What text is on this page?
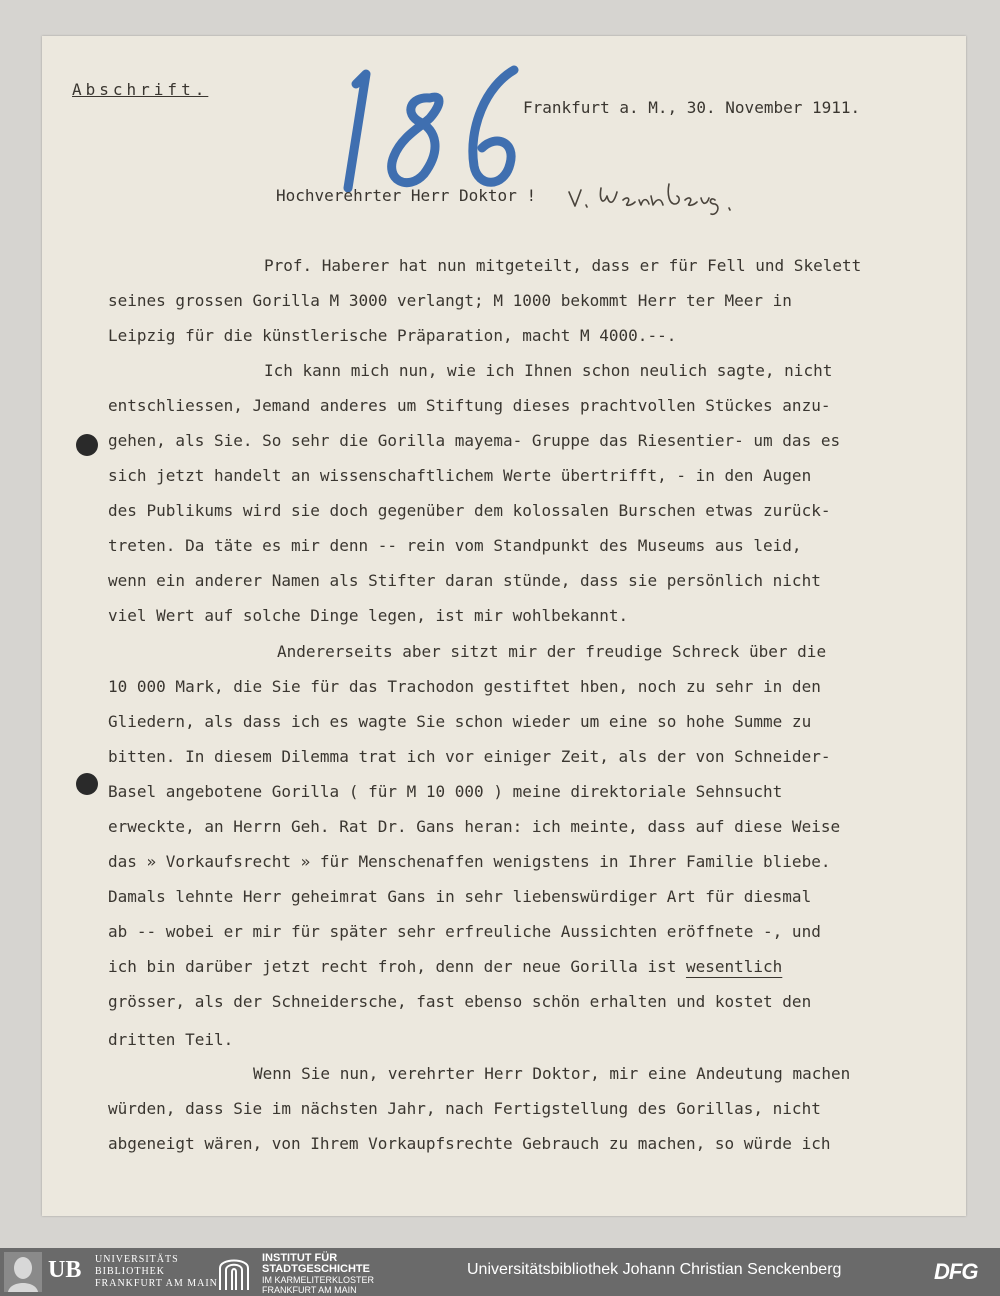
Abschrift.
Frankfurt a. M., 30. November 1911.
Hochverehrter Herr Doktor !
Prof. Haberer hat nun mitgeteilt, dass er für Fell und Skelett
seines grossen Gorilla M 3000 verlangt; M 1000 bekommt Herr ter Meer in
Leipzig für die künstlerische Präparation, macht M 4000.--.
Ich kann mich nun, wie ich Ihnen schon neulich sagte, nicht
entschliessen, Jemand anderes um Stiftung dieses prachtvollen Stückes anzu-
gehen, als Sie. So sehr die Gorilla mayema- Gruppe das Riesentier- um das es
sich jetzt handelt an wissenschaftlichem Werte übertrifft, - in den Augen
des Publikums wird sie doch gegenüber dem kolossalen Burschen etwas zurück-
treten. Da täte es mir denn -- rein vom Standpunkt des Museums aus leid,
wenn ein anderer Namen als Stifter daran stünde, dass sie persönlich nicht
viel Wert auf solche Dinge legen, ist mir wohlbekannt.
Andererseits aber sitzt mir der freudige Schreck über die
10 000 Mark, die Sie für das Trachodon gestiftet hben, noch zu sehr in den
Gliedern, als dass ich es wagte Sie schon wieder um eine so hohe Summe zu
bitten. In diesem Dilemma trat ich vor einiger Zeit, als der von Schneider-
Basel angebotene Gorilla ( für M 10 000 ) meine direktoriale Sehnsucht
erweckte, an Herrn Geh. Rat Dr. Gans heran: ich meinte, dass auf diese Weise
das » Vorkaufsrecht » für Menschenaffen wenigstens in Ihrer Familie bliebe.
Damals lehnte Herr geheimrat Gans in sehr liebenswürdiger Art für diesmal
ab -- wobei er mir für später sehr erfreuliche Aussichten eröffnete -, und
ich bin darüber jetzt recht froh, denn der neue Gorilla ist wesentlich
grösser, als der Schneidersche, fast ebenso schön erhalten und kostet den
dritten Teil.
Wenn Sie nun, verehrter Herr Doktor, mir eine Andeutung machen
würden, dass Sie im nächsten Jahr, nach Fertigstellung des Gorillas, nicht
abgeneigt wären, von Ihrem Vorkaupfsrechte Gebrauch zu machen, so würde ich
UB UNIVERSITÄTS
BIBLIOTHEK
FRANKFURT AM MAIN
INSTITUT FÜR
STADTGESCHICHTE
IM KARMELITERKLOSTER
FRANKFURT AM MAIN
Universitätsbibliothek Johann Christian Senckenberg	DFG
